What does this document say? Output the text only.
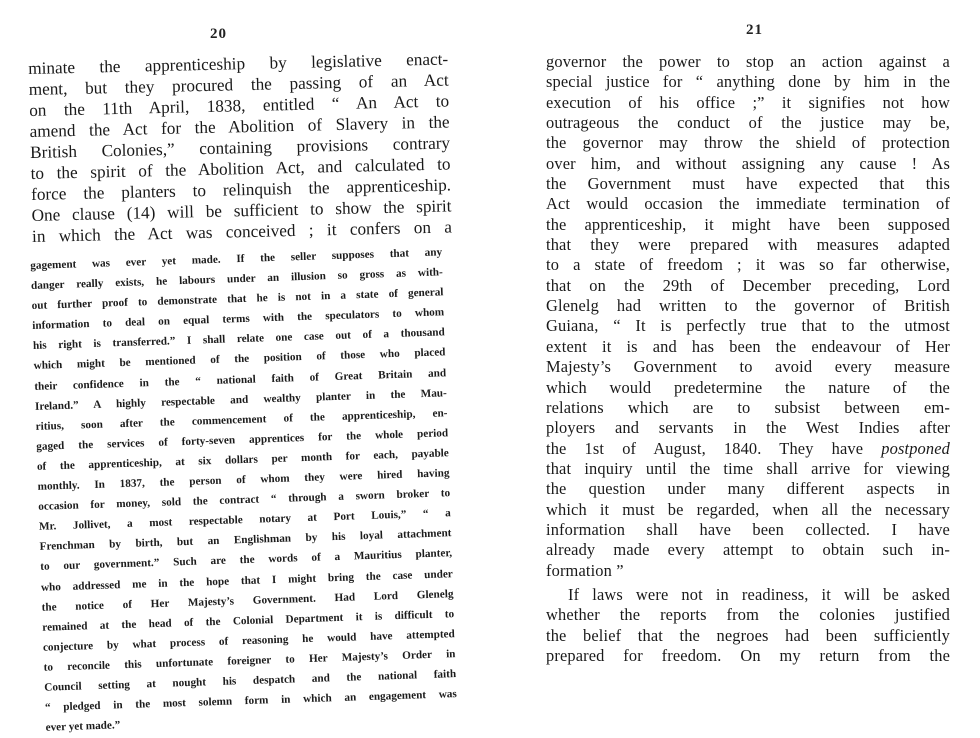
20
minate the apprenticeship by legislative enact-
ment, but they procured the passing of an Act
on the 11th April, 1838, entitled “ An Act to
amend the Act for the Abolition of Slavery in the
British Colonies,” containing provisions contrary
to the spirit of the Abolition Act, and calculated to
force the planters to relinquish the apprenticeship.
One clause (14) will be sufficient to show the spirit
in which the Act was conceived ; it confers on a
gagement was ever yet made. If the seller supposes that any
danger really exists, he labours under an illusion so gross as with-
out further proof to demonstrate that he is not in a state of general
information to deal on equal terms with the speculators to whom
his right is transferred.” I shall relate one case out of a thousand
which might be mentioned of the position of those who placed
their confidence in the “ national faith of Great Britain and
Ireland.” A highly respectable and wealthy planter in the Mau-
ritius, soon after the commencement of the apprenticeship, en-
gaged the services of forty-seven apprentices for the whole period
of the apprenticeship, at six dollars per month for each, payable
monthly. In 1837, the person of whom they were hired having
occasion for money, sold the contract “ through a sworn broker to
Mr. Jollivet, a most respectable notary at Port Louis,” “ a
Frenchman by birth, but an Englishman by his loyal attachment
to our government.” Such are the words of a Mauritius planter,
who addressed me in the hope that I might bring the case under
the notice of Her Majesty’s Government. Had Lord Glenelg
remained at the head of the Colonial Department it is difficult to
conjecture by what process of reasoning he would have attempted
to reconcile this unfortunate foreigner to Her Majesty’s Order in
Council setting at nought his despatch and the national faith
“ pledged in the most solemn form in which an engagement was
ever yet made.”
21
governor the power to stop an action against a
special justice for “ anything done by him in the
execution of his office ;” it signifies not how
outrageous the conduct of the justice may be,
the governor may throw the shield of protection
over him, and without assigning any cause ! As
the Government must have expected that this
Act would occasion the immediate termination of
the apprenticeship, it might have been supposed
that they were prepared with measures adapted
to a state of freedom ; it was so far otherwise,
that on the 29th of December preceding, Lord
Glenelg had written to the governor of British
Guiana, “ It is perfectly true that to the utmost
extent it is and has been the endeavour of Her
Majesty’s Government to avoid every measure
which would predetermine the nature of the
relations which are to subsist between em-
ployers and servants in the West Indies after
the 1st of August, 1840. They have postponed
that inquiry until the time shall arrive for viewing
the question under many different aspects in
which it must be regarded, when all the necessary
information shall have been collected. I have
already made every attempt to obtain such in-
formation ”
If laws were not in readiness, it will be asked
whether the reports from the colonies justified
the belief that the negroes had been sufficiently
prepared for freedom. On my return from the
